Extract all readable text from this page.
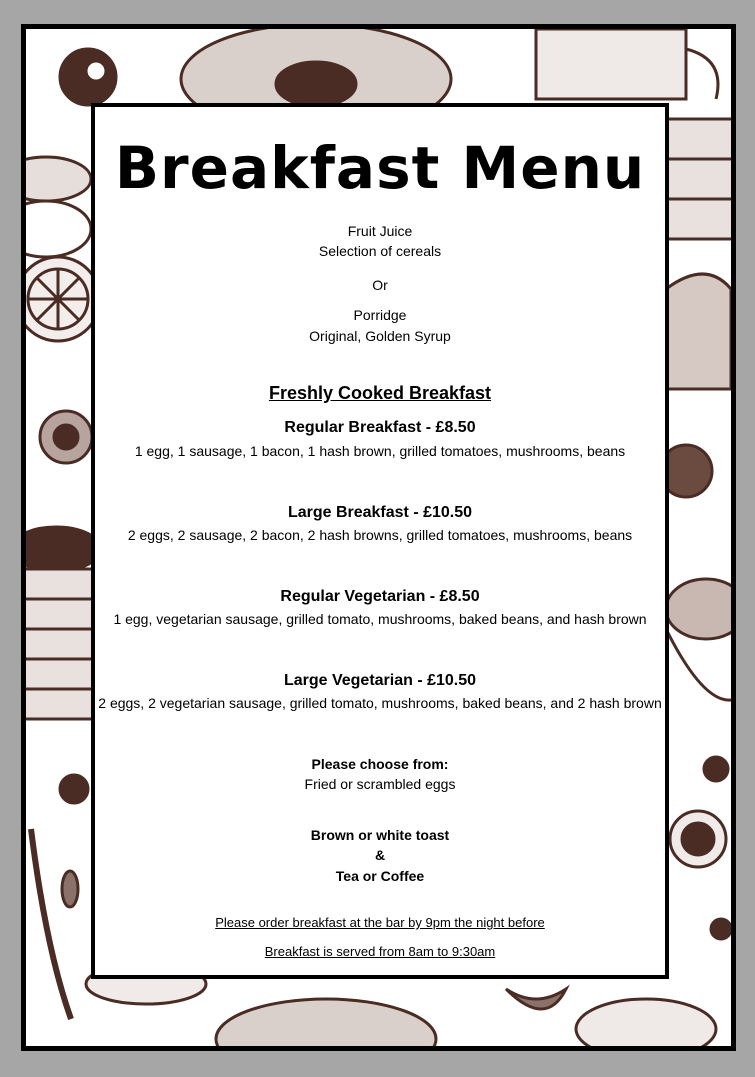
Breakfast Menu
Fruit Juice
Selection of cereals
Or
Porridge
Original, Golden Syrup
Freshly Cooked Breakfast
Regular Breakfast - £8.50
1 egg, 1 sausage, 1 bacon, 1 hash brown, grilled tomatoes, mushrooms, beans
Large Breakfast - £10.50
2 eggs, 2 sausage, 2 bacon, 2 hash browns, grilled tomatoes, mushrooms, beans
Regular Vegetarian - £8.50
1 egg, vegetarian sausage, grilled tomato, mushrooms, baked beans, and hash brown
Large Vegetarian - £10.50
2 eggs, 2 vegetarian sausage, grilled tomato, mushrooms, baked beans, and 2 hash brown
Please choose from:
Fried or scrambled eggs
Brown or white toast
&
Tea or Coffee
Please order breakfast at the bar by 9pm the night before
Breakfast is served from 8am to 9:30am
